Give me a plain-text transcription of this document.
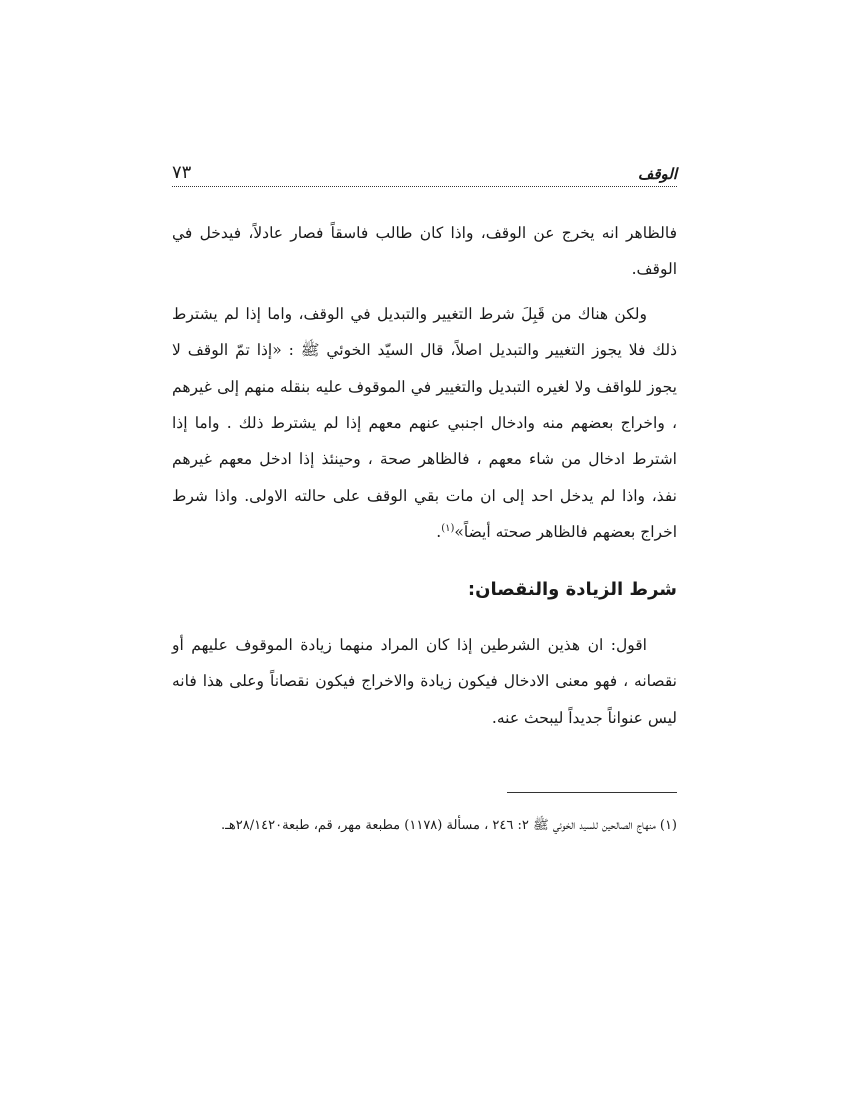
الوقف
٧٣

فالظاهر انه يخرج عن الوقف، واذا كان طالب فاسقاً فصار عادلاً، فيدخل في الوقف.

ولكن هناك من قَبِلَ شرط التغيير والتبديل في الوقف، واما إذا لم يشترط ذلك فلا يجوز التغيير والتبديل اصلاً، قال السيّد الخوئي ﷺ : «إذا تمّ الوقف لا يجوز للواقف ولا لغيره التبديل والتغيير في الموقوف عليه بنقله منهم إلى غيرهم ، واخراج بعضهم منه وادخال اجنبي عنهم معهم إذا لم يشترط ذلك . واما إذا اشترط ادخال من شاء معهم ، فالظاهر صحة ، وحينئذ إذا ادخل معهم غيرهم نفذ، واذا لم يدخل احد إلى ان مات بقي الوقف على حالته الاولى. واذا شرط اخراج بعضهم فالظاهر صحته أيضاً»$^{(١)}$.

شرط الزيادة والنقصان:

اقول: ان هذين الشرطين إذا كان المراد منهما زيادة الموقوف عليهم أو نقصانه ، فهو معنى الادخال فيكون زيادة والاخراج فيكون نقصاناً وعلى هذا فانه ليس عنواناً جديداً ليبحث عنه.

(١) منهاج الصالحين للسيد الخوئي ﷺ ٢: ٢٤٦ ، مسألة (١١٧٨) مطبعة مهر، قم، طبعة٢٨/١٤٢٠هـ.
